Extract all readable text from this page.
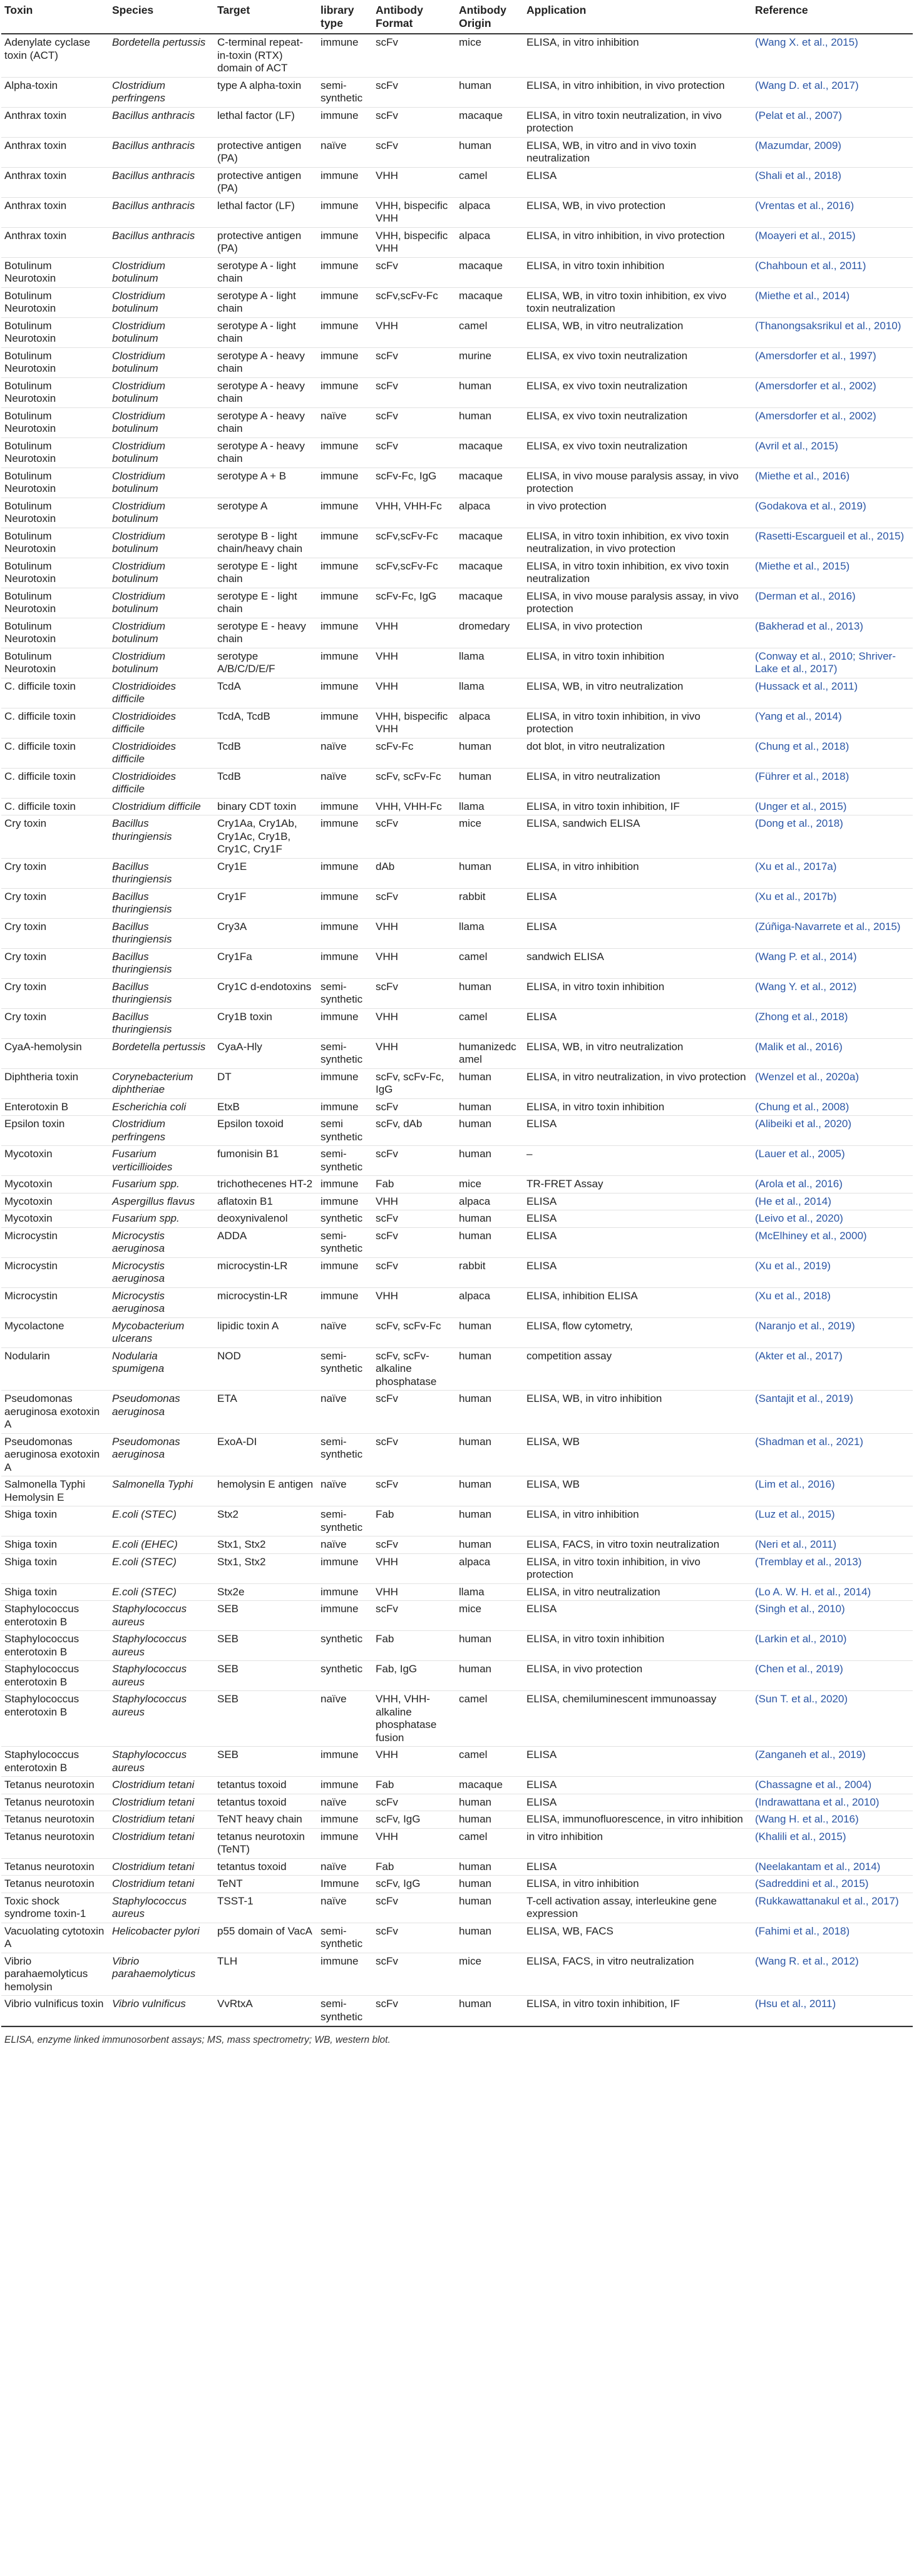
Toxin	Species	Target	library type	Antibody Format	Antibody Origin	Application	Reference
Adenylate cyclase toxin (ACT)	Bordetella pertussis	C-terminal repeat-in-toxin (RTX) domain of ACT	immune	scFv	mice	ELISA, in vitro inhibition	(Wang X. et al., 2015)
Alpha-toxin	Clostridium perfringens	type A alpha-toxin	semi-synthetic	scFv	human	ELISA, in vitro inhibition, in vivo protection	(Wang D. et al., 2017)
Anthrax toxin	Bacillus anthracis	lethal factor (LF)	immune	scFv	macaque	ELISA, in vitro toxin neutralization, in vivo protection	(Pelat et al., 2007)
Anthrax toxin	Bacillus anthracis	protective antigen (PA)	naïve	scFv	human	ELISA, WB, in vitro and in vivo toxin neutralization	(Mazumdar, 2009)
Anthrax toxin	Bacillus anthracis	protective antigen (PA)	immune	VHH	camel	ELISA	(Shali et al., 2018)
Anthrax toxin	Bacillus anthracis	lethal factor (LF)	immune	VHH, bispecific VHH	alpaca	ELISA, WB, in vivo protection	(Vrentas et al., 2016)
Anthrax toxin	Bacillus anthracis	protective antigen (PA)	immune	VHH, bispecific VHH	alpaca	ELISA, in vitro inhibition, in vivo protection	(Moayeri et al., 2015)
Botulinum Neurotoxin	Clostridium botulinum	serotype A - light chain	immune	scFv	macaque	ELISA, in vitro toxin inhibition	(Chahboun et al., 2011)
Botulinum Neurotoxin	Clostridium botulinum	serotype A - light chain	immune	scFv,scFv-Fc	macaque	ELISA, WB, in vitro toxin inhibition, ex vivo toxin neutralization	(Miethe et al., 2014)
Botulinum Neurotoxin	Clostridium botulinum	serotype A - light chain	immune	VHH	camel	ELISA, WB, in vitro neutralization	(Thanongsaksrikul et al., 2010)
Botulinum Neurotoxin	Clostridium botulinum	serotype A - heavy chain	immune	scFv	murine	ELISA, ex vivo toxin neutralization	(Amersdorfer et al., 1997)
Botulinum Neurotoxin	Clostridium botulinum	serotype A - heavy chain	immune	scFv	human	ELISA, ex vivo toxin neutralization	(Amersdorfer et al., 2002)
Botulinum Neurotoxin	Clostridium botulinum	serotype A - heavy chain	naïve	scFv	human	ELISA, ex vivo toxin neutralization	(Amersdorfer et al., 2002)
Botulinum Neurotoxin	Clostridium botulinum	serotype A - heavy chain	immune	scFv	macaque	ELISA, ex vivo toxin neutralization	(Avril et al., 2015)
Botulinum Neurotoxin	Clostridium botulinum	serotype A + B	immune	scFv-Fc, IgG	macaque	ELISA, in vivo mouse paralysis assay, in vivo protection	(Miethe et al., 2016)
Botulinum Neurotoxin	Clostridium botulinum	serotype A	immune	VHH, VHH-Fc	alpaca	in vivo protection	(Godakova et al., 2019)
Botulinum Neurotoxin	Clostridium botulinum	serotype B - light chain/heavy chain	immune	scFv,scFv-Fc	macaque	ELISA, in vitro toxin inhibition, ex vivo toxin neutralization, in vivo protection	(Rasetti-Escargueil et al., 2015)
Botulinum Neurotoxin	Clostridium botulinum	serotype E - light chain	immune	scFv,scFv-Fc	macaque	ELISA, in vitro toxin inhibition, ex vivo toxin neutralization	(Miethe et al., 2015)
Botulinum Neurotoxin	Clostridium botulinum	serotype E - light chain	immune	scFv-Fc, IgG	macaque	ELISA, in vivo mouse paralysis assay, in vivo protection	(Derman et al., 2016)
Botulinum Neurotoxin	Clostridium botulinum	serotype E - heavy chain	immune	VHH	dromedary	ELISA, in vivo protection	(Bakherad et al., 2013)
Botulinum Neurotoxin	Clostridium botulinum	serotype A/B/C/D/E/F	immune	VHH	llama	ELISA, in vitro toxin inhibition	(Conway et al., 2010; Shriver-Lake et al., 2017)
C. difficile toxin	Clostridioides difficile	TcdA	immune	VHH	llama	ELISA, WB, in vitro neutralization	(Hussack et al., 2011)
C. difficile toxin	Clostridioides difficile	TcdA, TcdB	immune	VHH, bispecific VHH	alpaca	ELISA, in vitro toxin inhibition, in vivo protection	(Yang et al., 2014)
C. difficile toxin	Clostridioides difficile	TcdB	naïve	scFv-Fc	human	dot blot, in vitro neutralization	(Chung et al., 2018)
C. difficile toxin	Clostridioides difficile	TcdB	naïve	scFv, scFv-Fc	human	ELISA, in vitro neutralization	(Führer et al., 2018)
C. difficile toxin	Clostridium difficile	binary CDT toxin	immune	VHH, VHH-Fc	llama	ELISA, in vitro toxin inhibition, IF	(Unger et al., 2015)
Cry toxin	Bacillus thuringiensis	Cry1Aa, Cry1Ab, Cry1Ac, Cry1B, Cry1C, Cry1F	immune	scFv	mice	ELISA, sandwich ELISA	(Dong et al., 2018)
Cry toxin	Bacillus thuringiensis	Cry1E	immune	dAb	human	ELISA, in vitro inhibition	(Xu et al., 2017a)
Cry toxin	Bacillus thuringiensis	Cry1F	immune	scFv	rabbit	ELISA	(Xu et al., 2017b)
Cry toxin	Bacillus thuringiensis	Cry3A	immune	VHH	llama	ELISA	(Zúñiga-Navarrete et al., 2015)
Cry toxin	Bacillus thuringiensis	Cry1Fa	immune	VHH	camel	sandwich ELISA	(Wang P. et al., 2014)
Cry toxin	Bacillus thuringiensis	Cry1C d-endotoxins	semi-synthetic	scFv	human	ELISA, in vitro toxin inhibition	(Wang Y. et al., 2012)
Cry toxin	Bacillus thuringiensis	Cry1B toxin	immune	VHH	camel	ELISA	(Zhong et al., 2018)
CyaA-hemolysin	Bordetella pertussis	CyaA-Hly	semi-synthetic	VHH	humanizedcamel	ELISA, WB, in vitro neutralization	(Malik et al., 2016)
Diphtheria toxin	Corynebacterium diphtheriae	DT	immune	scFv, scFv-Fc, IgG	human	ELISA, in vitro neutralization, in vivo protection	(Wenzel et al., 2020a)
Enterotoxin B	Escherichia coli	EtxB	immune	scFv	human	ELISA, in vitro toxin inhibition	(Chung et al., 2008)
Epsilon toxin	Clostridium perfringens	Epsilon toxoid	semi synthetic	scFv, dAb	human	ELISA	(Alibeiki et al., 2020)
Mycotoxin	Fusarium verticillioides	fumonisin B1	semi-synthetic	scFv	human	–	(Lauer et al., 2005)
Mycotoxin	Fusarium spp.	trichothecenes HT-2	immune	Fab	mice	TR-FRET Assay	(Arola et al., 2016)
Mycotoxin	Aspergillus flavus	aflatoxin B1	immune	VHH	alpaca	ELISA	(He et al., 2014)
Mycotoxin	Fusarium spp.	deoxynivalenol	synthetic	scFv	human	ELISA	(Leivo et al., 2020)
Microcystin	Microcystis aeruginosa	ADDA	semi-synthetic	scFv	human	ELISA	(McElhiney et al., 2000)
Microcystin	Microcystis aeruginosa	microcystin-LR	immune	scFv	rabbit	ELISA	(Xu et al., 2019)
Microcystin	Microcystis aeruginosa	microcystin-LR	immune	VHH	alpaca	ELISA, inhibition ELISA	(Xu et al., 2018)
Mycolactone	Mycobacterium ulcerans	lipidic toxin A	naïve	scFv, scFv-Fc	human	ELISA, flow cytometry,	(Naranjo et al., 2019)
Nodularin	Nodularia spumigena	NOD	semi-synthetic	scFv, scFv-alkaline phosphatase	human	competition assay	(Akter et al., 2017)
Pseudomonas aeruginosa exotoxin A	Pseudomonas aeruginosa	ETA	naïve	scFv	human	ELISA, WB, in vitro inhibition	(Santajit et al., 2019)
Pseudomonas aeruginosa exotoxin A	Pseudomonas aeruginosa	ExoA-DI	semi-synthetic	scFv	human	ELISA, WB	(Shadman et al., 2021)
Salmonella Typhi Hemolysin E	Salmonella Typhi	hemolysin E antigen	naïve	scFv	human	ELISA, WB	(Lim et al., 2016)
Shiga toxin	E.coli (STEC)	Stx2	semi-synthetic	Fab	human	ELISA, in vitro inhibition	(Luz et al., 2015)
Shiga toxin	E.coli (EHEC)	Stx1, Stx2	naïve	scFv	human	ELISA, FACS, in vitro toxin neutralization	(Neri et al., 2011)
Shiga toxin	E.coli (STEC)	Stx1, Stx2	immune	VHH	alpaca	ELISA, in vitro toxin inhibition, in vivo protection	(Tremblay et al., 2013)
Shiga toxin	E.coli (STEC)	Stx2e	immune	VHH	llama	ELISA, in vitro neutralization	(Lo A. W. H. et al., 2014)
Staphylococcus enterotoxin B	Staphylococcus aureus	SEB	immune	scFv	mice	ELISA	(Singh et al., 2010)
Staphylococcus enterotoxin B	Staphylococcus aureus	SEB	synthetic	Fab	human	ELISA, in vitro toxin inhibition	(Larkin et al., 2010)
Staphylococcus enterotoxin B	Staphylococcus aureus	SEB	synthetic	Fab, IgG	human	ELISA, in vivo protection	(Chen et al., 2019)
Staphylococcus enterotoxin B	Staphylococcus aureus	SEB	naïve	VHH, VHH-alkaline phosphatase fusion	camel	ELISA, chemiluminescent immunoassay	(Sun T. et al., 2020)
Staphylococcus enterotoxin B	Staphylococcus aureus	SEB	immune	VHH	camel	ELISA	(Zanganeh et al., 2019)
Tetanus neurotoxin	Clostridium tetani	tetantus toxoid	immune	Fab	macaque	ELISA	(Chassagne et al., 2004)
Tetanus neurotoxin	Clostridium tetani	tetantus toxoid	naïve	scFv	human	ELISA	(Indrawattana et al., 2010)
Tetanus neurotoxin	Clostridium tetani	TeNT heavy chain	immune	scFv, IgG	human	ELISA, immunofluorescence, in vitro inhibition	(Wang H. et al., 2016)
Tetanus neurotoxin	Clostridium tetani	tetanus neurotoxin (TeNT)	immune	VHH	camel	in vitro inhibition	(Khalili et al., 2015)
Tetanus neurotoxin	Clostridium tetani	tetantus toxoid	naïve	Fab	human	ELISA	(Neelakantam et al., 2014)
Tetanus neurotoxin	Clostridium tetani	TeNT	Immune	scFv, IgG	human	ELISA, in vitro inhibition	(Sadreddini et al., 2015)
Toxic shock syndrome toxin-1	Staphylococcus aureus	TSST-1	naïve	scFv	human	T-cell activation assay, interleukine gene expression	(Rukkawattanakul et al., 2017)
Vacuolating cytotoxin A	Helicobacter pylori	p55 domain of VacA	semi-synthetic	scFv	human	ELISA, WB, FACS	(Fahimi et al., 2018)
Vibrio parahaemolyticus hemolysin	Vibrio parahaemolyticus	TLH	immune	scFv	mice	ELISA, FACS, in vitro neutralization	(Wang R. et al., 2012)
Vibrio vulnificus toxin	Vibrio vulnificus	VvRtxA	semi-synthetic	scFv	human	ELISA, in vitro toxin inhibition, IF	(Hsu et al., 2011)
ELISA, enzyme linked immunosorbent assays; MS, mass spectrometry; WB, western blot.
